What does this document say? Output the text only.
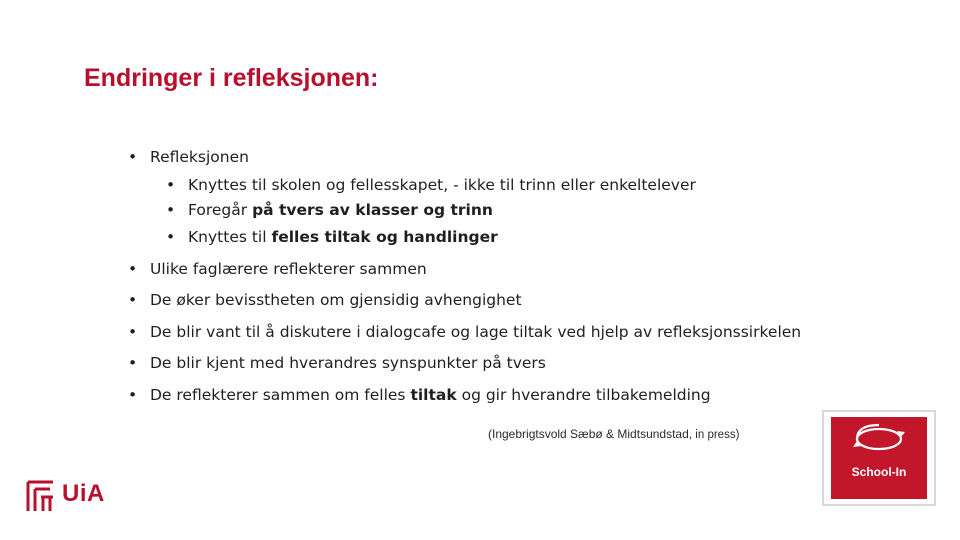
Endringer i refleksjonen:
• Refleksjonen
• Knyttes til skolen og fellesskapet, - ikke til trinn eller enkeltelever
• Foregår på tvers av klasser og trinn
• Knyttes til felles tiltak og handlinger
• Ulike faglærere reflekterer sammen
• De øker bevisstheten om gjensidig avhengighet
• De blir vant til å diskutere i dialogcafe og lage tiltak ved hjelp av refleksjonssirkelen
• De blir kjent med hverandres synspunkter på tvers
• De reflekterer sammen om felles tiltak og gir hverandre tilbakemelding
(Ingebrigtsvold Sæbø & Midtsundstad, in press)
UiA
School-In
